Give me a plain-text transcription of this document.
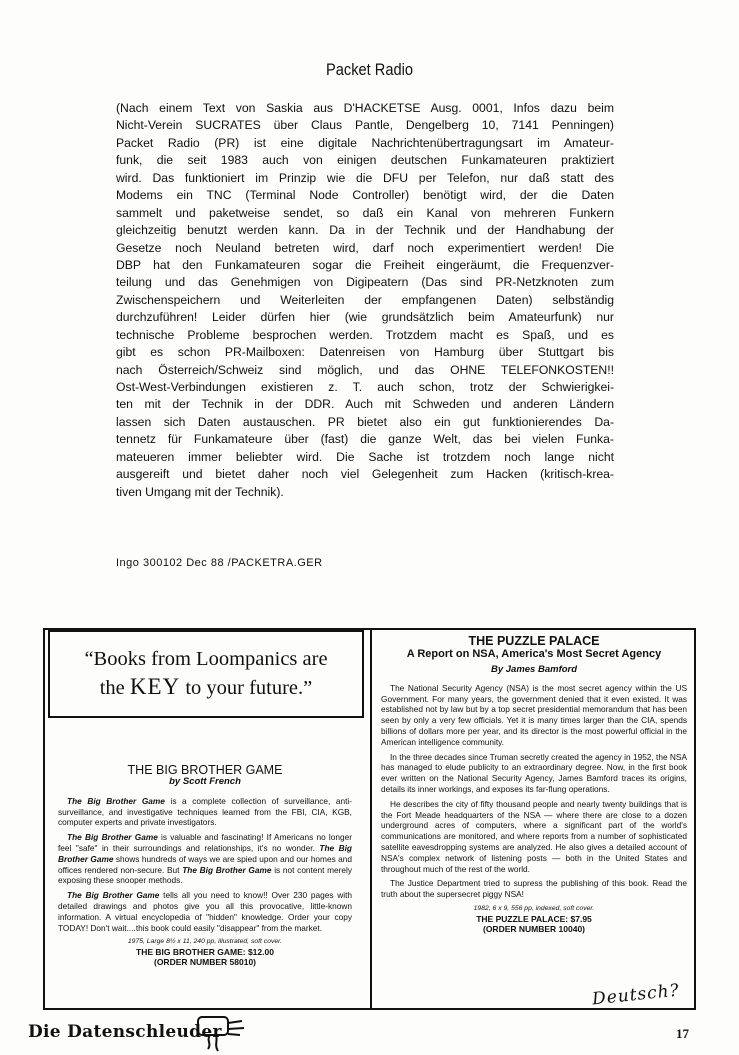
Packet Radio
(Nach einem Text von Saskia aus D'HACKETSE Ausg. 0001, Infos dazu beim
Nicht-Verein SUCRATES über Claus Pantle, Dengelberg 10, 7141 Penningen)
Packet Radio (PR) ist eine digitale Nachrichtenübertragungsart im Amateur-
funk, die seit 1983 auch von einigen deutschen Funkamateuren praktiziert
wird. Das funktioniert im Prinzip wie die DFU per Telefon, nur daß statt des
Modems ein TNC (Terminal Node Controller) benötigt wird, der die Daten
sammelt und paketweise sendet, so daß ein Kanal von mehreren Funkern
gleichzeitig benutzt werden kann. Da in der Technik und der Handhabung der
Gesetze noch Neuland betreten wird, darf noch experimentiert werden! Die
DBP hat den Funkamateuren sogar die Freiheit eingeräumt, die Frequenzver-
teilung und das Genehmigen von Digipeatern (Das sind PR-Netzknoten zum
Zwischenspeichern und Weiterleiten der empfangenen Daten) selbständig
durchzuführen! Leider dürfen hier (wie grundsätzlich beim Amateurfunk) nur
technische Probleme besprochen werden. Trotzdem macht es Spaß, und es
gibt es schon PR-Mailboxen: Datenreisen von Hamburg über Stuttgart bis
nach Österreich/Schweiz sind möglich, und das OHNE TELEFONKOSTEN!!
Ost-West-Verbindungen existieren z. T. auch schon, trotz der Schwierigkei-
ten mit der Technik in der DDR. Auch mit Schweden und anderen Ländern
lassen sich Daten austauschen. PR bietet also ein gut funktionierendes Da-
tennetz für Funkamateure über (fast) die ganze Welt, das bei vielen Funka-
mateueren immer beliebter wird. Die Sache ist trotzdem noch lange nicht
ausgereift und bietet daher noch viel Gelegenheit zum Hacken (kritisch-krea-
tiven Umgang mit der Technik).
Ingo 300102 Dec 88 /PACKETRA.GER
“Books from Loompanics are
the KEY to your future.”
THE BIG BROTHER GAME
by Scott French

The Big Brother Game is a complete collection of surveillance, anti-surveillance, and investigative techniques learned from the FBI, CIA, KGB, computer experts and private investigators.

The Big Brother Game is valuable and fascinating! If Americans no longer feel "safe" in their surroundings and relationships, it's no wonder. The Big Brother Game shows hundreds of ways we are spied upon and our homes and offices rendered non-secure. But The Big Brother Game is not content merely exposing these snooper methods.

The Big Brother Game tells all you need to know!! Over 230 pages with detailed drawings and photos give you all this provocative, little-known information. A virtual encyclopedia of "hidden" knowledge. Order your copy TODAY! Don't wait....this book could easily "disappear" from the market.

1975, Large 8½ x 11, 240 pp, illustrated, soft cover.
THE BIG BROTHER GAME: $12.00
(ORDER NUMBER 58010)
THE PUZZLE PALACE
A Report on NSA, America's Most Secret Agency
By James Bamford

The National Security Agency (NSA) is the most secret agency within the US Government. For many years, the government denied that it even existed. It was established not by law but by a top secret presidential memorandum that has been seen by only a very few officials. Yet it is many times larger than the CIA, spends billions of dollars more per year, and its director is the most powerful official in the American intelligence community.

In the three decades since Truman secretly created the agency in 1952, the NSA has managed to elude publicity to an extraordinary degree. Now, in the first book ever written on the National Security Agency, James Bamford traces its origins, details its inner workings, and exposes its far-flung operations.

He describes the city of fifty thousand people and nearly twenty buildings that is the Fort Meade headquarters of the NSA — where there are close to a dozen underground acres of computers, where a significant part of the world's communications are monitored, and where reports from a number of sophisticated satellite eavesdropping systems are analyzed. He also gives a detailed account of NSA's complex network of listening posts — both in the United States and throughout much of the rest of the world.

The Justice Department tried to supress the publishing of this book. Read the truth about the supersecret piggy NSA!

1982, 6 x 9, 556 pp, indexed, soft cover.
THE PUZZLE PALACE: $7.95
(ORDER NUMBER 10040)
Deutsch?
Die Datenschleuder	17
